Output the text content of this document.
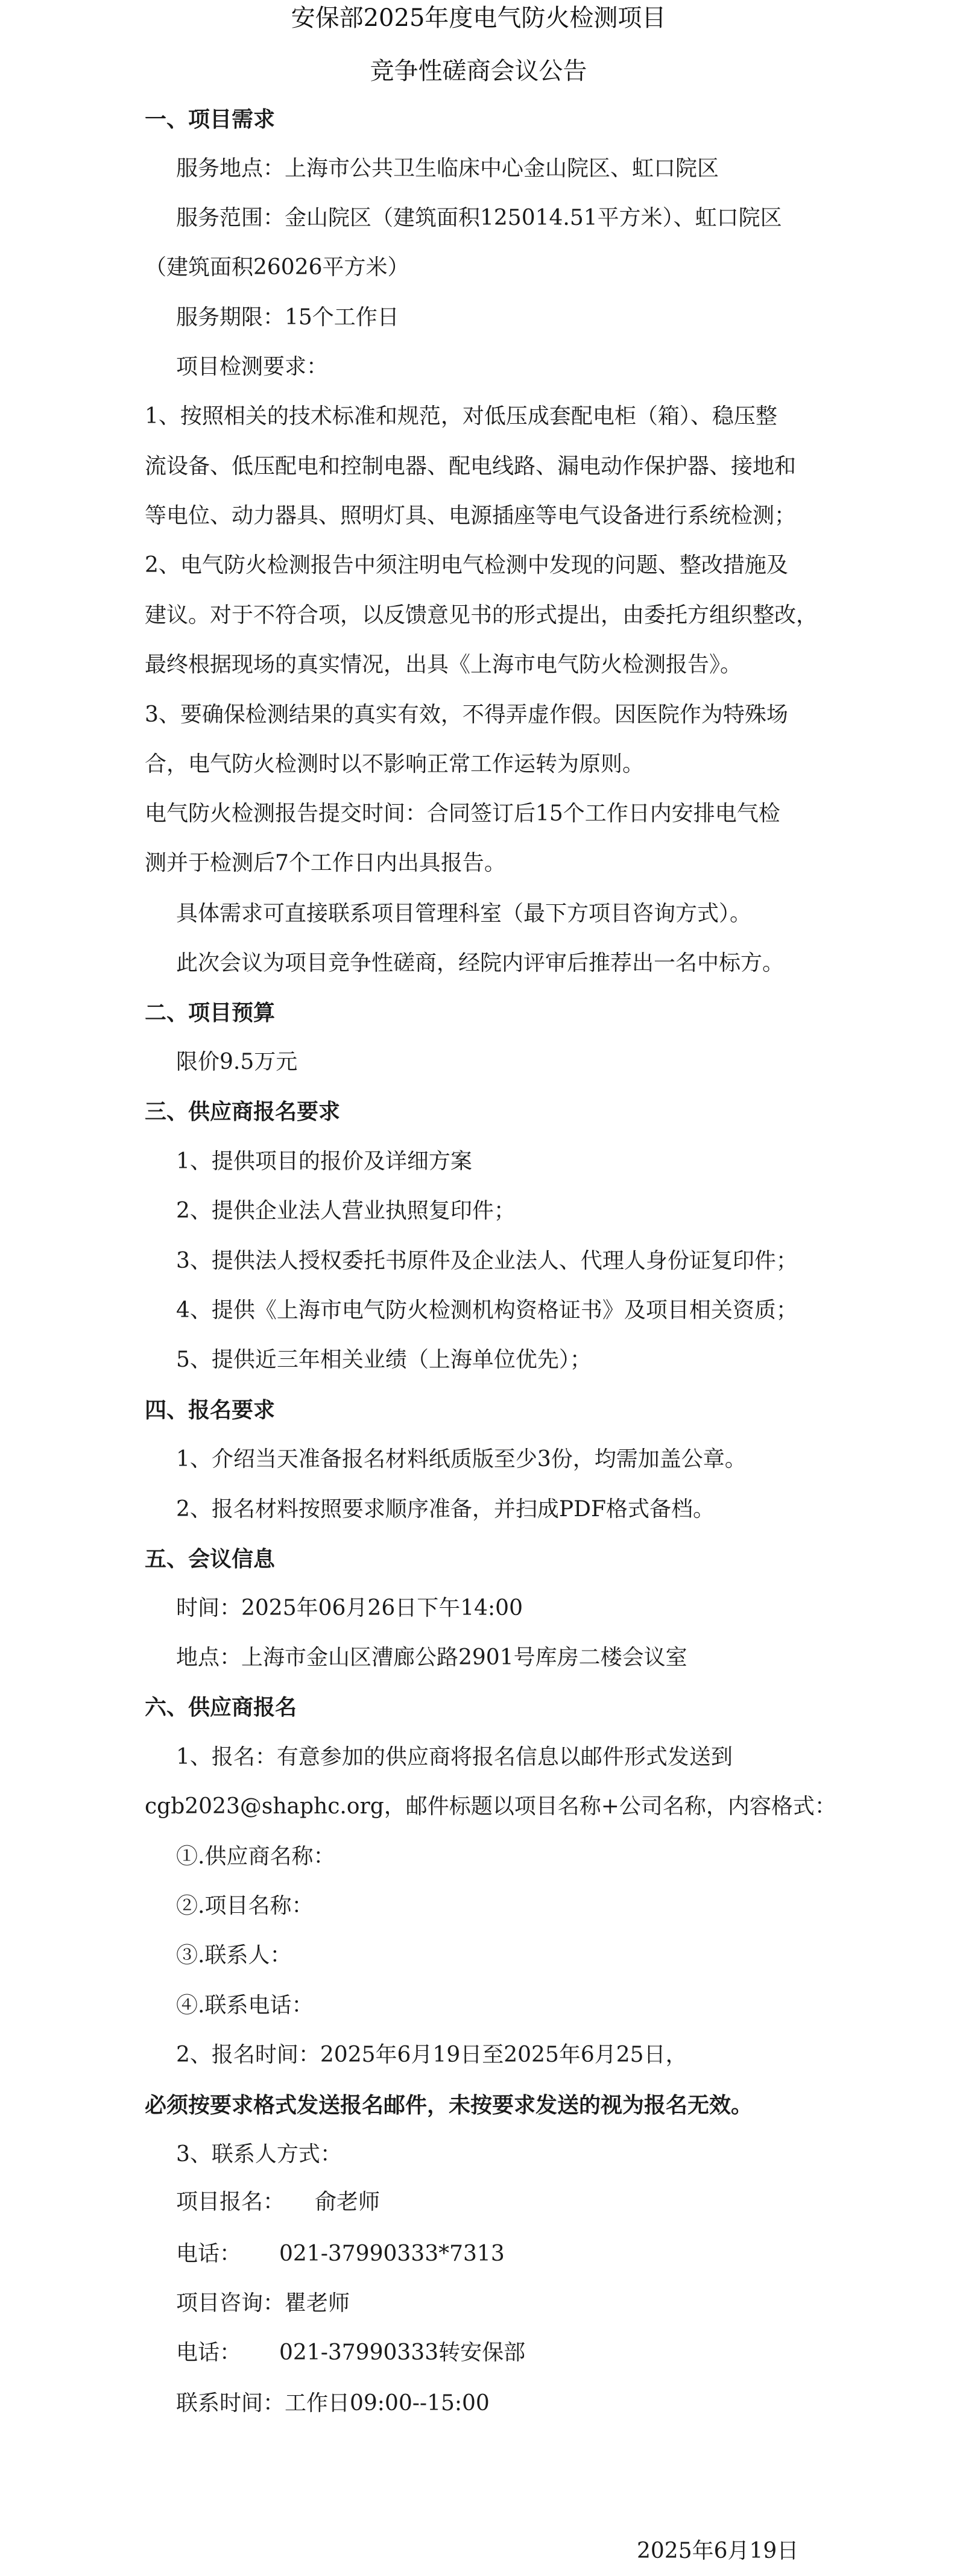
安保部2025年度电气防火检测项目
竞争性磋商会议公告
一、项目需求
服务地点：上海市公共卫生临床中心金山院区、虹口院区
服务范围：金山院区（建筑面积125014.51平方米）、虹口院区
（建筑面积26026平方米）
服务期限：15个工作日
项目检测要求：
1、按照相关的技术标准和规范，对低压成套配电柜（箱）、稳压整
流设备、低压配电和控制电器、配电线路、漏电动作保护器、接地和
等电位、动力器具、照明灯具、电源插座等电气设备进行系统检测；
2、电气防火检测报告中须注明电气检测中发现的问题、整改措施及
建议。对于不符合项，以反馈意见书的形式提出，由委托方组织整改，
最终根据现场的真实情况，出具《上海市电气防火检测报告》。
3、要确保检测结果的真实有效，不得弄虚作假。因医院作为特殊场
合，电气防火检测时以不影响正常工作运转为原则。
电气防火检测报告提交时间：合同签订后15个工作日内安排电气检
测并于检测后7个工作日内出具报告。
具体需求可直接联系项目管理科室（最下方项目咨询方式）。
此次会议为项目竞争性磋商，经院内评审后推荐出一名中标方。
二、项目预算
限价9.5万元
三、供应商报名要求
1、提供项目的报价及详细方案
2、提供企业法人营业执照复印件；
3、提供法人授权委托书原件及企业法人、代理人身份证复印件；
4、提供《上海市电气防火检测机构资格证书》及项目相关资质；
5、提供近三年相关业绩（上海单位优先）；
四、报名要求
1、介绍当天准备报名材料纸质版至少3份，均需加盖公章。
2、报名材料按照要求顺序准备，并扫成PDF格式备档。
五、会议信息
时间：2025年06月26日下午14:00
地点：上海市金山区漕廊公路2901号库房二楼会议室
六、供应商报名
1、报名：有意参加的供应商将报名信息以邮件形式发送到
cgb2023@shaphc.org，邮件标题以项目名称+公司名称，内容格式：
①.供应商名称：
②.项目名称：
③.联系人：
④.联系电话：
2、报名时间：2025年6月19日至2025年6月25日，
必须按要求格式发送报名邮件，未按要求发送的视为报名无效。
3、联系人方式：
项目报名： 俞老师
电话： 021-37990333*7313
项目咨询： 瞿老师
电话： 021-37990333转安保部
联系时间：工作日09:00--15:00
2025年6月19日
